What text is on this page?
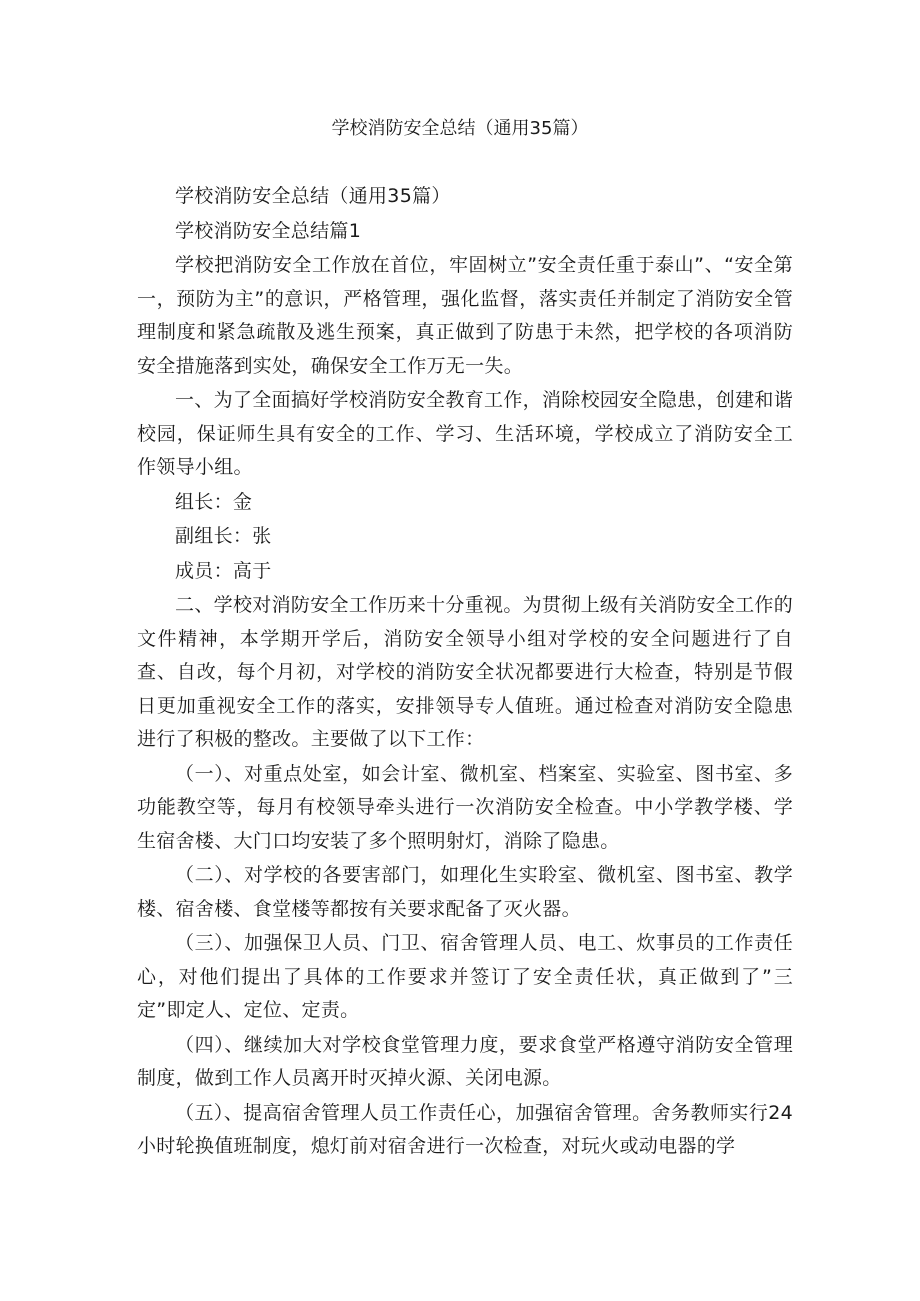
学校消防安全总结（通用35篇）

学校消防安全总结（通用35篇）

学校消防安全总结篇1

学校把消防安全工作放在首位，牢固树立”安全责任重于泰山”、“安全第一，预防为主”的意识，严格管理，强化监督，落实责任并制定了消防安全管理制度和紧急疏散及逃生预案，真正做到了防患于未然，把学校的各项消防安全措施落到实处，确保安全工作万无一失。

一、为了全面搞好学校消防安全教育工作，消除校园安全隐患，创建和谐校园，保证师生具有安全的工作、学习、生活环境，学校成立了消防安全工作领导小组。

组长：金

副组长：张

成员：高于

二、学校对消防安全工作历来十分重视。为贯彻上级有关消防安全工作的文件精神，本学期开学后，消防安全领导小组对学校的安全问题进行了自查、自改，每个月初，对学校的消防安全状况都要进行大检查，特别是节假日更加重视安全工作的落实，安排领导专人值班。通过检查对消防安全隐患进行了积极的整改。主要做了以下工作：

（一）、对重点处室，如会计室、微机室、档案室、实验室、图书室、多功能教空等，每月有校领导牵头进行一次消防安全检查。中小学教学楼、学生宿舍楼、大门口均安装了多个照明射灯，消除了隐患。

（二）、对学校的各要害部门，如理化生实聆室、微机室、图书室、教学楼、宿舍楼、食堂楼等都按有关要求配备了灭火器。

（三）、加强保卫人员、门卫、宿舍管理人员、电工、炊事员的工作责任心，对他们提出了具体的工作要求并签订了安全责任状，真正做到了”三定”即定人、定位、定责。

（四）、继续加大对学校食堂管理力度，要求食堂严格遵守消防安全管理制度，做到工作人员离开时灭掉火源、关闭电源。

（五）、提高宿舍管理人员工作责任心，加强宿舍管理。舍务教师实行24小时轮换值班制度，熄灯前对宿舍进行一次检查，对玩火或动电器的学
